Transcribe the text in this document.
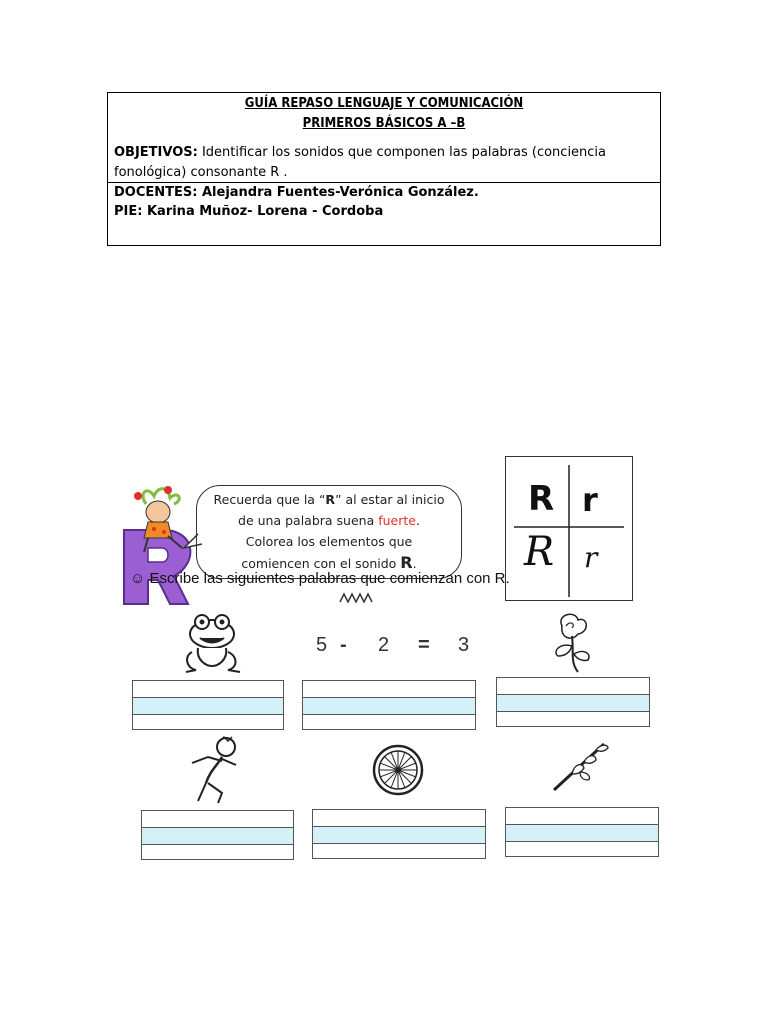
GUÍA REPASO LENGUAJE Y COMUNICACIÓN
PRIMEROS BÁSICOS A –B
OBJETIVOS: Identificar los sonidos que componen las palabras (conciencia fonológica) consonante R .
DOCENTES: Alejandra Fuentes-Verónica González.
PIE: Karina Muñoz- Lorena - Cordoba
Recuerda que la “R” al estar al inicio
de una palabra suena fuerte.
Colorea los elementos que
comiencen con el sonido R.
R r
R r
☺ Escribe las siguientes palabras que comienzan con R.
5 - 2 = 3
